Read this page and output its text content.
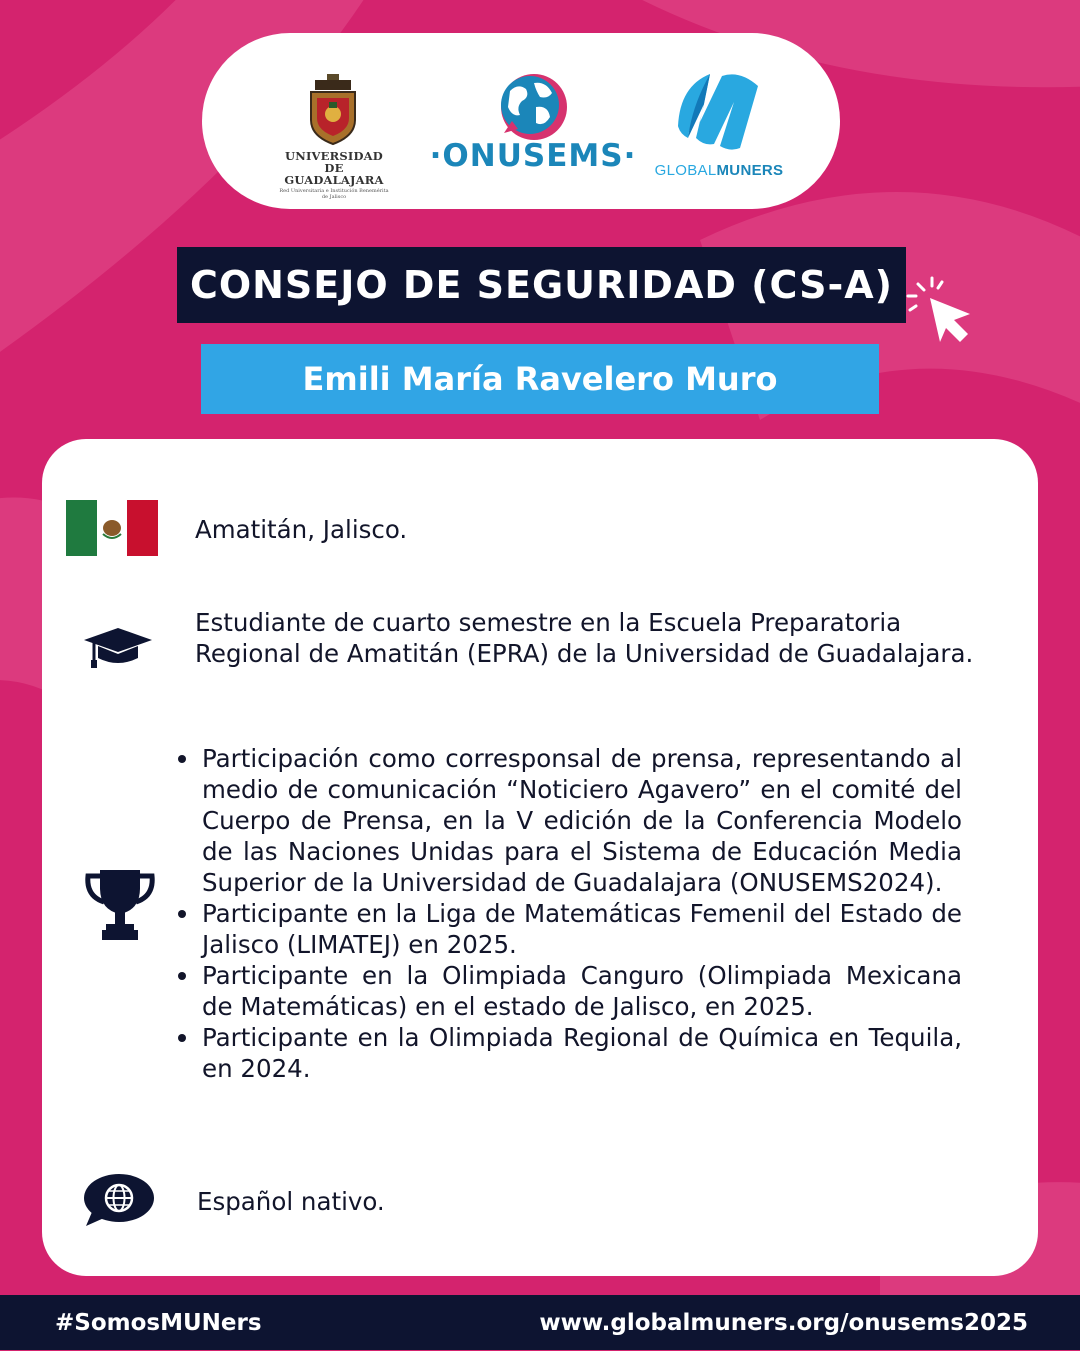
UNIVERSIDAD DE
GUADALAJARA
Red Universitaria e Institución Benemérita de Jalisco
·ONUSEMS· GLOBALMUNERS
CONSEJO DE SEGURIDAD (CS-A)
Emili María Ravelero Muro
Amatitán, Jalisco.
Estudiante de cuarto semestre en la Escuela Preparatoria Regional de Amatitán (EPRA) de la Universidad de Guadalajara.
Participación como corresponsal de prensa, representando al medio de comunicación “Noticiero Agavero” en el comité del Cuerpo de Prensa, en la V edición de la Conferencia Modelo de las Naciones Unidas para el Sistema de Educación Media Superior de la Universidad de Guadalajara (ONUSEMS2024).
Participante en la Liga de Matemáticas Femenil del Estado de Jalisco (LIMATEJ) en 2025.
Participante en la Olimpiada Canguro (Olimpiada Mexicana de Matemáticas) en el estado de Jalisco, en 2025.
Participante en la Olimpiada Regional de Química en Tequila, en 2024.
Español nativo.
#SomosMUNers	www.globalmuners.org/onusems2025
